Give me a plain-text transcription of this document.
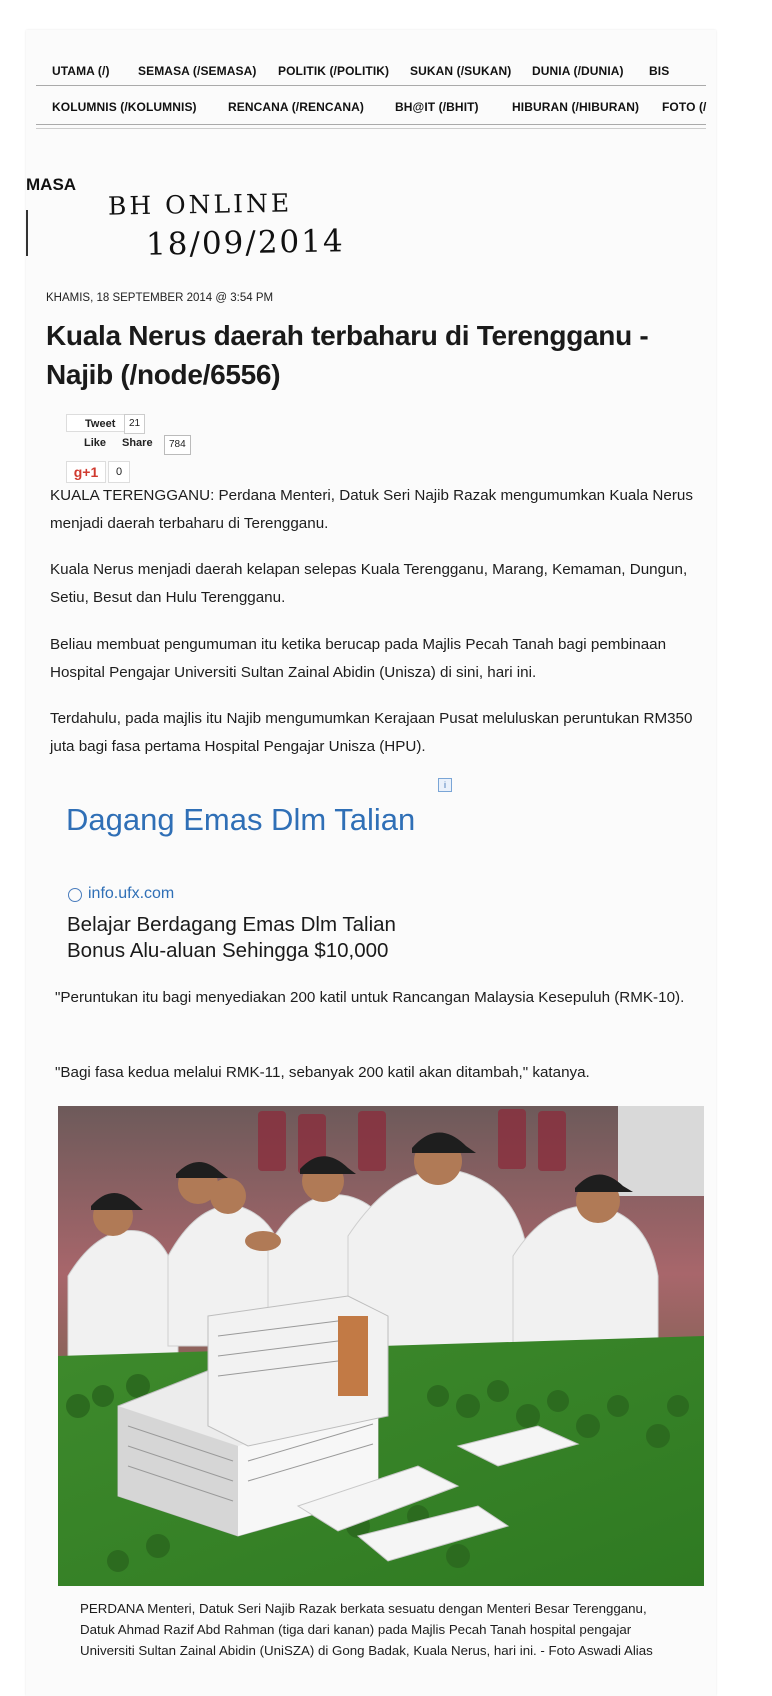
UTAMA (/) SEMASA (/SEMASA) POLITIK (/POLITIK) SUKAN (/SUKAN) DUNIA (/DUNIA) BIS
KOLUMNIS (/KOLUMNIS)	RENCANA (/RENCANA)	BH@IT (/BHIT)	HIBURAN (/HIBURAN) FOTO (/
MASA
BH ONLINE
18/09/2014
KHAMIS, 18 SEPTEMBER 2014 @ 3:54 PM
Kuala Nerus daerah terbaharu di Terengganu - Najib (/node/6556)
Tweet	21
Like Share	784
g+1	0

KUALA TERENGGANU: Perdana Menteri, Datuk Seri Najib Razak mengumumkan Kuala Nerus menjadi daerah terbaharu di Terengganu.

Kuala Nerus menjadi daerah kelapan selepas Kuala Terengganu, Marang, Kemaman, Dungun, Setiu, Besut dan Hulu Terengganu.

Beliau membuat pengumuman itu ketika berucap pada Majlis Pecah Tanah bagi pembinaan Hospital Pengajar Universiti Sultan Zainal Abidin (Unisza) di sini, hari ini.

Terdahulu, pada majlis itu Najib mengumumkan Kerajaan Pusat meluluskan peruntukan RM350 juta bagi fasa pertama Hospital Pengajar Unisza (HPU).

i
Dagang Emas Dlm Talian
info.ufx.com
Belajar Berdagang Emas Dlm Talian
Bonus Alu-aluan Sehingga $10,000

"Peruntukan itu bagi menyediakan 200 katil untuk Rancangan Malaysia Kesepuluh (RMK-10).

"Bagi fasa kedua melalui RMK-11, sebanyak 200 katil akan ditambah," katanya.

PERDANA Menteri, Datuk Seri Najib Razak berkata sesuatu dengan Menteri Besar Terengganu, Datuk Ahmad Razif Abd Rahman (tiga dari kanan) pada Majlis Pecah Tanah hospital pengajar Universiti Sultan Zainal Abidin (UniSZA) di Gong Badak, Kuala Nerus, hari ini. - Foto Aswadi Alias
